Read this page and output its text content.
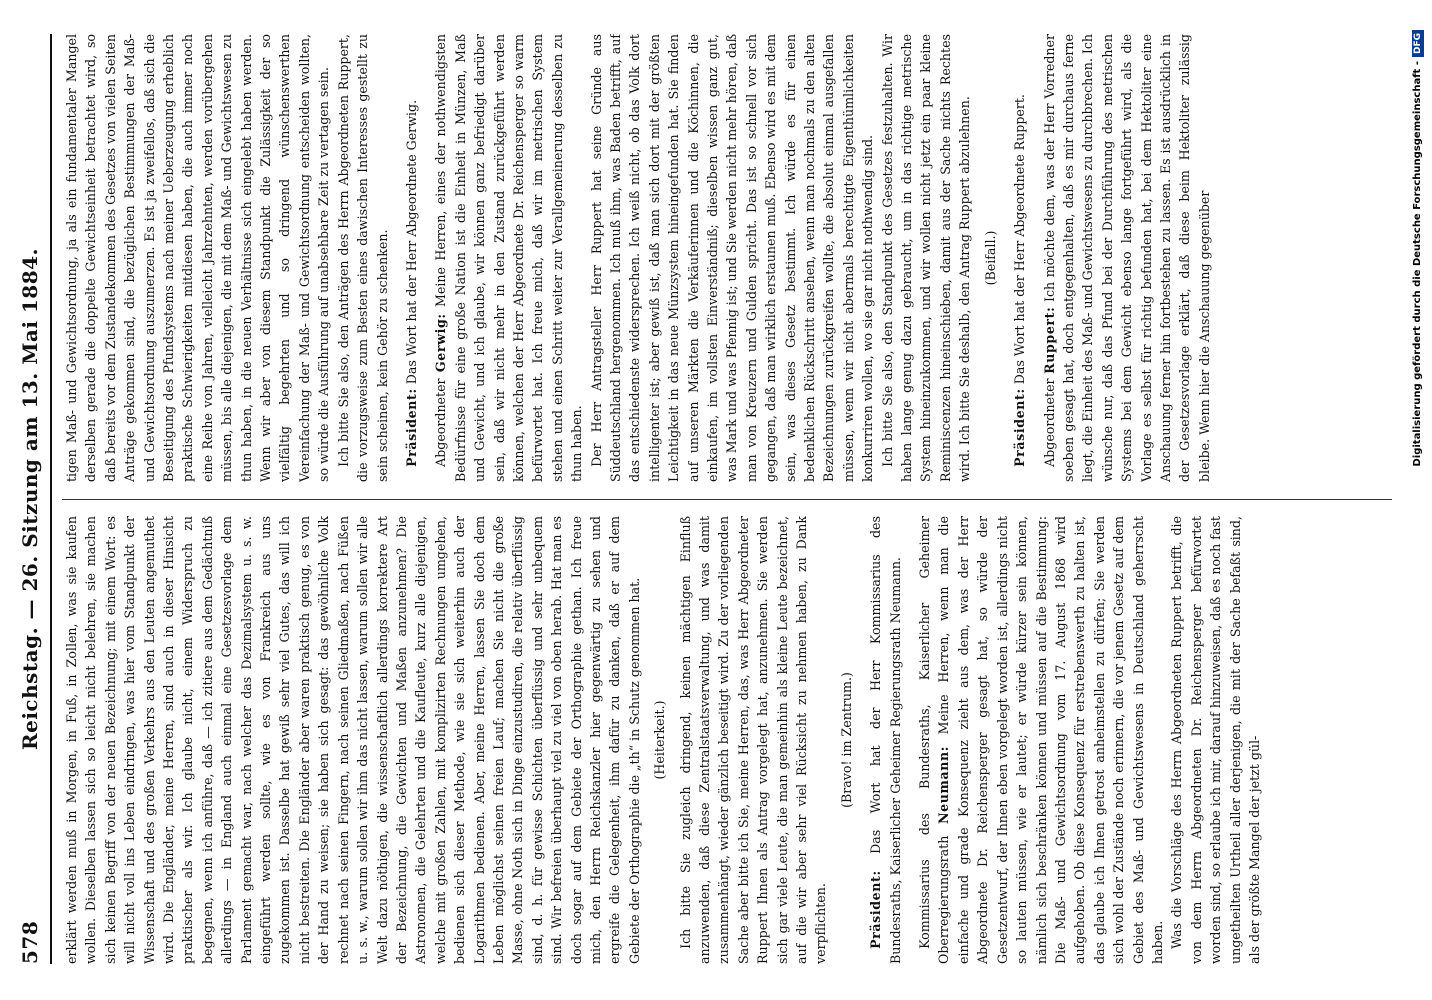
578
Reichstag. — 26. Sitzung am 13. Mai 1884. erklärt werden muß in Morgen, in Fuß, in Zollen, was sie kaufen wollen. Dieselben lassen sich so leicht nicht belehren, sie machen sich keinen Begriff von der neuen Bezeichnung; mit einem Wort: es will nicht voll ins Leben eindringen, was hier vom Standpunkt der Wissenschaft und des großen Verkehrs aus den Leuten angemuthet wird. Die Engländer, meine Herren, sind auch in dieser Hinsicht praktischer als wir. Ich glaube nicht, einem Widerspruch zu begegnen, wenn ich anführe, daß — ich zitiere aus dem Gedächtniß allerdings — in England auch einmal eine Gesetzesvorlage dem Parlament gemacht war, nach welcher das Dezimalsystem u. s. w. eingeführt werden sollte, wie es von Frankreich aus uns zugekommen ist. Dasselbe hat gewiß sehr viel Gutes, das will ich nicht bestreiten. Die Engländer aber waren praktisch genug, es von der Hand zu weisen; sie haben sich gesagt: das gewöhnliche Volk rechnet nach seinen Fingern, nach seinen Gliedmaßen, nach Füßen u. s. w., warum sollen wir ihm das nicht lassen, warum sollen wir alle Welt dazu nöthigen, die wissenschaftlich allerdings korrektere Art der Bezeichnung, die Gewichten und Maßen anzunehmen? Die Astronomen, die Gelehrten und die Kaufleute, kurz alle diejenigen, welche mit großen Zahlen, mit komplizirten Rechnungen umgehen, bedienen sich dieser Methode, wie sie sich weiterhin auch der Logarithmen bedienen. Aber, meine Herren, lassen Sie doch dem Leben möglichst seinen freien Lauf; machen Sie nicht die große Masse, ohne Noth sich in Dinge einzustudiren, die relativ überflüssig sind, d. h. für gewisse Schichten überflüssig und sehr unbequem sind. Wir befreien überhaupt viel zu viel von oben herab. Hat man es doch sogar auf dem Gebiete der Orthographie gethan. Ich freue mich, den Herrn Reichskanzler hier gegenwärtig zu sehen und ergreife die Gelegenheit, ihm dafür zu danken, daß er auf dem Gebiete der Orthographie die „th“ in Schutz genommen hat. (Heiterkeit.) Ich bitte Sie zugleich dringend, keinen mächtigen Einfluß anzuwenden, daß diese Zentralstaatsverwaltung, und was damit zusammenhängt, wieder gänzlich beseitigt wird. Zu der vorliegenden Sache aber bitte ich Sie, meine Herren, das, was Herr Abgeordneter Ruppert Ihnen als Antrag vorgelegt hat, anzunehmen. Sie werden sich gar viele Leute, die man gemeinhin als kleine Leute bezeichnet, auf die wir aber sehr viel Rücksicht zu nehmen haben, zu Dank verpflichten.

(Bravo! im Zentrum.)

Präsident: Das Wort hat der Herr Kommissarius des Bundesraths, Kaiserlicher Geheimer Regierungsrath Neumann. Kommissarius des Bundesraths, Kaiserlicher Geheimer Oberregierungsrath Neumann: Meine Herren, wenn man die einfache und grade Konsequenz zieht aus dem, was der Herr Abgeordnete Dr. Reichensperger gesagt hat, so würde der Gesetzentwurf, der Ihnen eben vorgelegt worden ist, allerdings nicht so lauten müssen, wie er lautet; er würde kürzer sein können, nämlich sich beschränken können und müssen auf die Bestimmung: Die Maß- und Gewichtsordnung vom 17. August 1868 wird aufgehoben. Ob diese Konsequenz für erstrebenswerth zu halten ist, das glaube ich Ihnen getrost anheimstellen zu dürfen; Sie werden sich wohl der Zustände noch erinnern, die vor jenem Gesetz auf dem Gebiet des Maß- und Gewichtswesens in Deutschland geherrscht haben. Was die Vorschläge des Herrn Abgeordneten Ruppert betrifft, die von dem Herrn Abgeordneten Dr. Reichensperger befürwortet worden sind, so erlaube ich mir, darauf hinzuweisen, daß es noch fast ungetheilten Urtheil aller derjenigen, die mit der Sache befaßt sind, als der größte Mangel der jetzt gül-

tigen Maß- und Gewichtsordnung, ja als ein fundamentaler Mangel derselben gerade die doppelte Gewichtseinheit betrachtet wird, so daß bereits vor dem Zustandekommen des Gesetzes von vielen Seiten Anträge gekommen sind, die bezüglichen Bestimmungen der Maß- und Gewichtsordnung auszumerzen. Es ist ja zweifellos, daß sich die Beseitigung des Pfundsystems nach meiner Ueberzeugung erheblich praktische Schwierigkeiten mitdiesen haben, die auch immer noch eine Reihe von Jahren, vielleicht Jahrzehnten, werden vorübergehen müssen, bis alle diejenigen, die mit dem Maß- und Gewichtswesen zu thun haben, in die neuen Verhältnisse sich eingelebt haben werden. Wenn wir aber von diesem Standpunkt die Zulässigkeit der so vielfältig begehrten und so dringend wünschenswerthen Vereinfachung der Maß- und Gewichtsordnung entscheiden wollten, so würde die Ausführung auf unabsehbare Zeit zu vertagen sein. Ich bitte Sie also, den Anträgen des Herrn Abgeordneten Ruppert, die vorzugsweise zum Besten eines dawischen Interesses gestellt zu sein scheinen, kein Gehör zu schenken. Präsident: Das Wort hat der Herr Abgeordnete Gerwig.

Abgeordneter Gerwig: Meine Herren, eines der nothwendigsten Bedürfnisse für eine große Nation ist die Einheit in Münzen, Maß und Gewicht, und ich glaube, wir können ganz befriedigt darüber sein, daß wir nicht mehr in den Zustand zurückgeführt werden können, welchen der Herr Abgeordnete Dr. Reichensperger so warm befürwortet hat. Ich freue mich, daß wir im metrischen System stehen und einen Schritt weiter zur Verallgemeinerung desselben zu thun haben. Der Herr Antragsteller Herr Ruppert hat seine Gründe aus Süddeutschland hergenommen. Ich muß ihm, was Baden betrifft, auf das entschiedenste widersprechen. Ich weiß nicht, ob das Volk dort intelligenter ist; aber gewiß ist, daß man sich dort mit der größten Leichtigkeit in das neue Münzsystem hineingefunden hat. Sie finden auf unseren Märkten die Verkäuferinnen und die Köchinnen, die einkaufen, im vollsten Einverständniß; dieselben wissen ganz gut, was Mark und was Pfennig ist; und Sie werden nicht mehr hören, daß man von Kreuzern und Gulden spricht. Das ist so schnell vor sich gegangen, daß man wirklich erstaunen muß. Ebenso wird es mit dem sein, was dieses Gesetz bestimmt. Ich würde es für einen bedenklichen Rückschritt ansehen, wenn man nochmals zu den alten Bezeichnungen zurückgreifen wollte, die absolut einmal ausgefallen müssen, wenn wir nicht abermals berechtigte Eigenthümlichkeiten konkurriren wollen, wo sie gar nicht nothwendig sind. Ich bitte Sie also, den Standpunkt des Gesetzes festzuhalten. Wir haben lange genug dazu gebraucht, um in das richtige metrische System hineinzukommen, und wir wollen nicht jetzt ein paar kleine Reminiscenzen hineinschieben, damit aus der Sache nichts Rechtes wird. Ich bitte Sie deshalb, den Antrag Ruppert abzulehnen. (Beifall.)

Präsident: Das Wort hat der Herr Abgeordnete Ruppert.

Abgeordneter Ruppert: Ich möchte dem, was der Herr Vorredner soeben gesagt hat, doch entgegenhalten, daß es mir durchaus ferne liegt, die Einheit des Maß- und Gewichtswesens zu durchbrechen. Ich wünsche nur, daß das Pfund bei der Durchführung des metrischen Systems bei dem Gewicht ebenso lange fortgeführt wird, als die Vorlage es selbst für richtig befunden hat, bei dem Hektoliter eine Anschauung ferner hin fortbestehen zu lassen. Es ist ausdrücklich in der Gesetzesvorlage erklärt, daß diese beim Hektoliter zulässig bleibe. Wenn hier die Anschauung gegenüber	Digitalisierung gefördert durch die Deutsche Forschungsgemeinschaft -DFG
